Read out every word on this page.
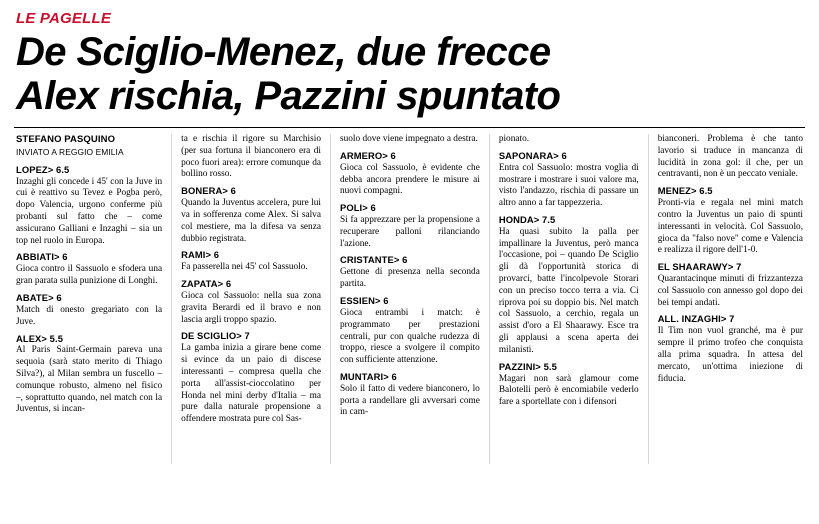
LE PAGELLE
De Sciglio-Menez, due frecce
Alex rischia, Pazzini spuntato
STEFANO PASQUINO
INVIATO A REGGIO EMILIA
LOPEZ> 6.5

Inzaghi gli concede i 45' con la Juve in cui è reattivo su Tevez e Pogba però, dopo Valencia, urgono conferme più probanti sul fatto che – come assicurano Galliani e Inzaghi – sia un top nel ruolo in Europa.

ABBIATI> 6

Gioca contro il Sassuolo e sfodera una gran parata sulla punizione di Longhi.

ABATE> 6

Match di onesto gregariato con la Juve.

ALEX> 5.5

Al Paris Saint-Germain pareva una sequoia (sarà stato merito di Thiago Silva?), al Milan sembra un fuscello – comunque robusto, almeno nel fisico –, soprattutto quando, nel match con la Juventus, si incan-

ta e rischia il rigore su Marchisio (per sua fortuna il bianconero era di poco fuori area): errore comunque da bollino rosso.

BONERA> 6

Quando la Juventus accelera, pure lui va in sofferenza come Alex. Si salva col mestiere, ma la difesa va senza dubbio registrata.

RAMI> 6

Fa passerella nei 45' col Sassuolo.

ZAPATA> 6

Gioca col Sassuolo: nella sua zona gravita Berardi ed il bravo e non lascia argli troppo spazio.

DE SCIGLIO> 7

La gamba inizia a girare bene come si evince da un paio di discese interessanti – compresa quella che porta all'assist-cioccolatino per Honda nel mini derby d'Italia – ma pure dalla naturale propensione a offendere mostrata pure col Sas-

suolo dove viene impegnato a destra.

ARMERO> 6

Gioca col Sassuolo, è evidente che debba ancora prendere le misure ai nuovi compagni.

POLI> 6

Si fa apprezzare per la propensione a recuperare palloni rilanciando l'azione.

CRISTANTE> 6

Gettone di presenza nella seconda partita.

ESSIEN> 6

Gioca entrambi i match: è programmato per prestazioni centrali, pur con qualche rudezza di troppo, riesce a svolgere il compito con sufficiente attenzione.

MUNTARI> 6

Solo il fatto di vedere bianconero, lo porta a randellare gli avversari come in cam-

pionato.

SAPONARA> 6

Entra col Sassuolo: mostra voglia di mostrare i mostrare i suoi valore ma, visto l'andazzo, rischia di passare un altro anno a far tappezzeria.

HONDA> 7.5

Ha quasi subito la palla per impallinare la Juventus, però manca l'occasione, poi – quando De Sciglio gli dà l'opportunità storica di provarci, batte l'incolpevole Storari con un preciso tocco terra a via. Ci riprova poi su doppio bis. Nel match col Sassuolo, a cerchio, regala un assist d'oro a El Shaarawy. Esce tra gli applausi a scena aperta dei milanisti.

PAZZINI> 5.5

Magari non sarà glamour come Balotelli però è encomiabile vederlo fare a sportellate con i difensori

bianconeri. Problema è che tanto lavorio si traduce in mancanza di lucidità in zona gol: il che, per un centravanti, non è un peccato veniale.

MENEZ> 6.5

Pronti-via e regala nel mini match contro la Juventus un paio di spunti interessanti in velocità. Col Sassuolo, gioca da "falso nove" come e Valencia e realizza il rigore dell'1-0.

EL SHAARAWY> 7

Quarantacinque minuti di frizzantezza col Sassuolo con annesso gol dopo dei bei tempi andati.

ALL. INZAGHI> 7

Il Tim non vuol granché, ma è pur sempre il primo trofeo che conquista alla prima squadra. In attesa del mercato, un'ottima iniezione di fiducia.
